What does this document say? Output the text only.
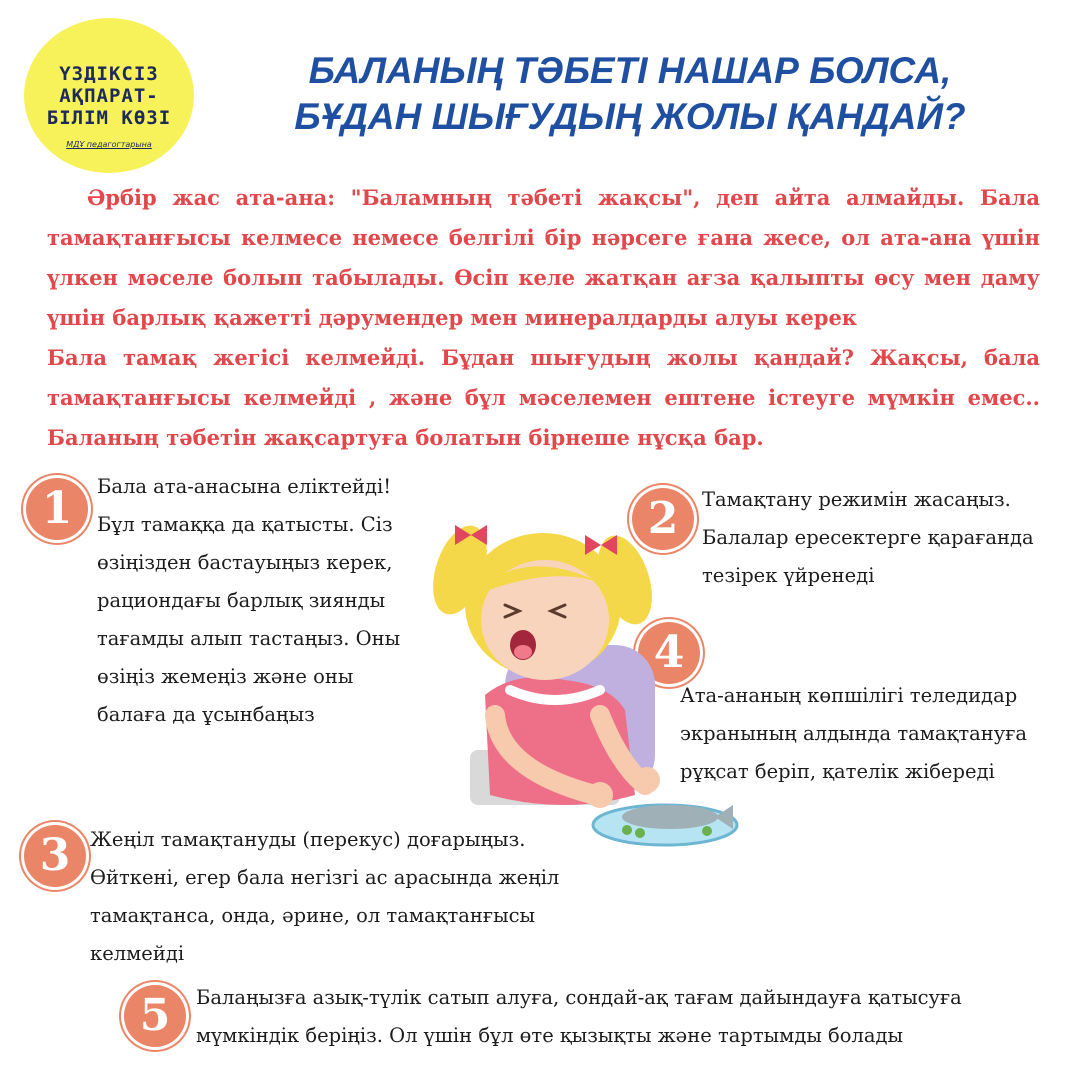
ҮЗДІКСІЗ
АҚПАРАТ-
БІЛІМ КӨЗІ
МДҰ педагогтарына
БАЛАНЫҢ ТӘБЕТІ НАШАР БОЛСА,
БҰДАН ШЫҒУДЫҢ ЖОЛЫ ҚАНДАЙ?

Әрбір жас ата-ана: "Баламның тәбеті жақсы", деп айта алмайды. Бала тамақтанғысы келмесе немесе белгілі бір нәрсеге ғана жесе, ол ата-ана үшін үлкен мәселе болып табылады. Өсіп келе жатқан ағза қалыпты өсу мен даму үшін барлық қажетті дәрумендер мен минералдарды алуы керек

Бала тамақ жегісі келмейді. Бұдан шығудың жолы қандай? Жақсы, бала тамақтанғысы келмейді , және бұл мәселемен ештене істеуге мүмкін емес.. Баланың тәбетін жақсартуға болатын бірнеше нұсқа бар.

1	Бала ата-анасына еліктейді! Бұл тамаққа да қатысты. Сіз өзіңізден бастауыңыз керек, рациондағы барлық зиянды тағамды алып тастаңыз. Оны өзіңіз жемеңіз және оны балаға да ұсынбаңыз
2	Тамақтану режимін жасаңыз. Балалар ересектерге қарағанда тезірек үйренеді
4
Ата-ананың көпшілігі теледидар экранының алдында тамақтануға рұқсат беріп, қателік жібереді
3	Жеңіл тамақтануды (перекус) доғарыңыз. Өйткені, егер бала негізгі ас арасында жеңіл тамақтанса, онда, әрине, ол тамақтанғысы келмейді
5	Балаңызға азық-түлік сатып алуға, сондай-ақ тағам дайындауға қатысуға мүмкіндік беріңіз. Ол үшін бұл өте қызықты және тартымды болады
